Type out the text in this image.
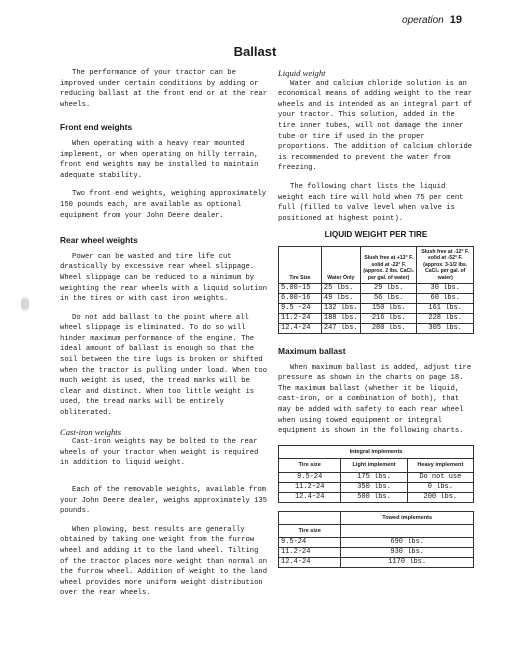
operation 19
Ballast

The performance of your tractor can be improved under certain conditions by adding or reducing ballast at the front end or at the rear wheels.

Front end weights

When operating with a heavy rear mounted implement, or when operating on hilly terrain, front end weights may be installed to maintain adequate stability.

Two front end weights, weighing approximately 150 pounds each, are available as optional equipment from your John Deere dealer.

Rear wheel weights

Power can be wasted and tire life cut drastically by excessive rear wheel slippage. Wheel slippage can be reduced to a minimum by weighting the rear wheels with a liquid solution in the tires or with cast iron weights.

Do not add ballast to the point where all wheel slippage is eliminated. To do so will hinder maximum performance of the engine. The ideal amount of ballast is enough so that the soil between the tire lugs is broken or shifted when the tractor is pulling under load. When too much weight is used, the tread marks will be clear and distinct. When too little weight is used, the tread marks will be entirely obliterated.

Cast-iron weights

Cast-iron weights may be bolted to the rear wheels of your tractor when weight is required in addition to liquid weight.

Each of the removable weights, available from your John Deere dealer, weighs approximately 135 pounds.

When plowing, best results are generally obtained by taking one weight from the furrow wheel and adding it to the land wheel. Tilting of the tractor places more weight than normal on the furrow wheel. Addition of weight to the land wheel provides more uniform weight distribution over the rear wheels.

Liquid weight

Water and calcium chloride solution is an economical means of adding weight to the rear wheels and is intended as an integral part of your tractor. This solution, added in the tire inner tubes, will not damage the inner tube or tire if used in the proper proportions. The addition of calcium chloride is recommended to prevent the water from freezing.

The following chart lists the liquid weight each tire will hold when 75 per cent full (filled to valve level when valve is positioned at highest point).

LIQUID WEIGHT PER TIRE
Tire Size	Water Only	Slush free at +13° F. solid at -22° F. (approx. 2 lbs. CaCl₂ per gal. of water)	Slush free at -12° F. solid at -52° F. (approx. 3-1/2 lbs. CaCl₂ per gal. of water)
5.00-15	25 lbs.	29 lbs.	30 lbs.
6.00-16	49 lbs.	56 lbs.	60 lbs.
9.5 -24	132 lbs.	150 lbs.	161 lbs.
11.2-24	188 lbs.	216 lbs.	228 lbs.
12.4-24	247 lbs.	280 lbs.	305 lbs.
Maximum ballast

When maximum ballast is added, adjust tire pressure as shown in the charts on page 18. The maximum ballast (whether it be liquid, cast-iron, or a combination of both), that may be added with safety to each rear wheel when using towed equipment or integral equipment is shown in the following charts.

Integral implements		
Tire size	Light implement	Heavy implement
9.5-24	175 lbs.	Do not use
11.2-24	350 lbs.	0 lbs.
12.4-24	500 lbs.	200 lbs.
	Towed implements
Tire size	
9.5-24	690 lbs.
11.2-24	930 lbs.
12.4-24	1170 lbs.
